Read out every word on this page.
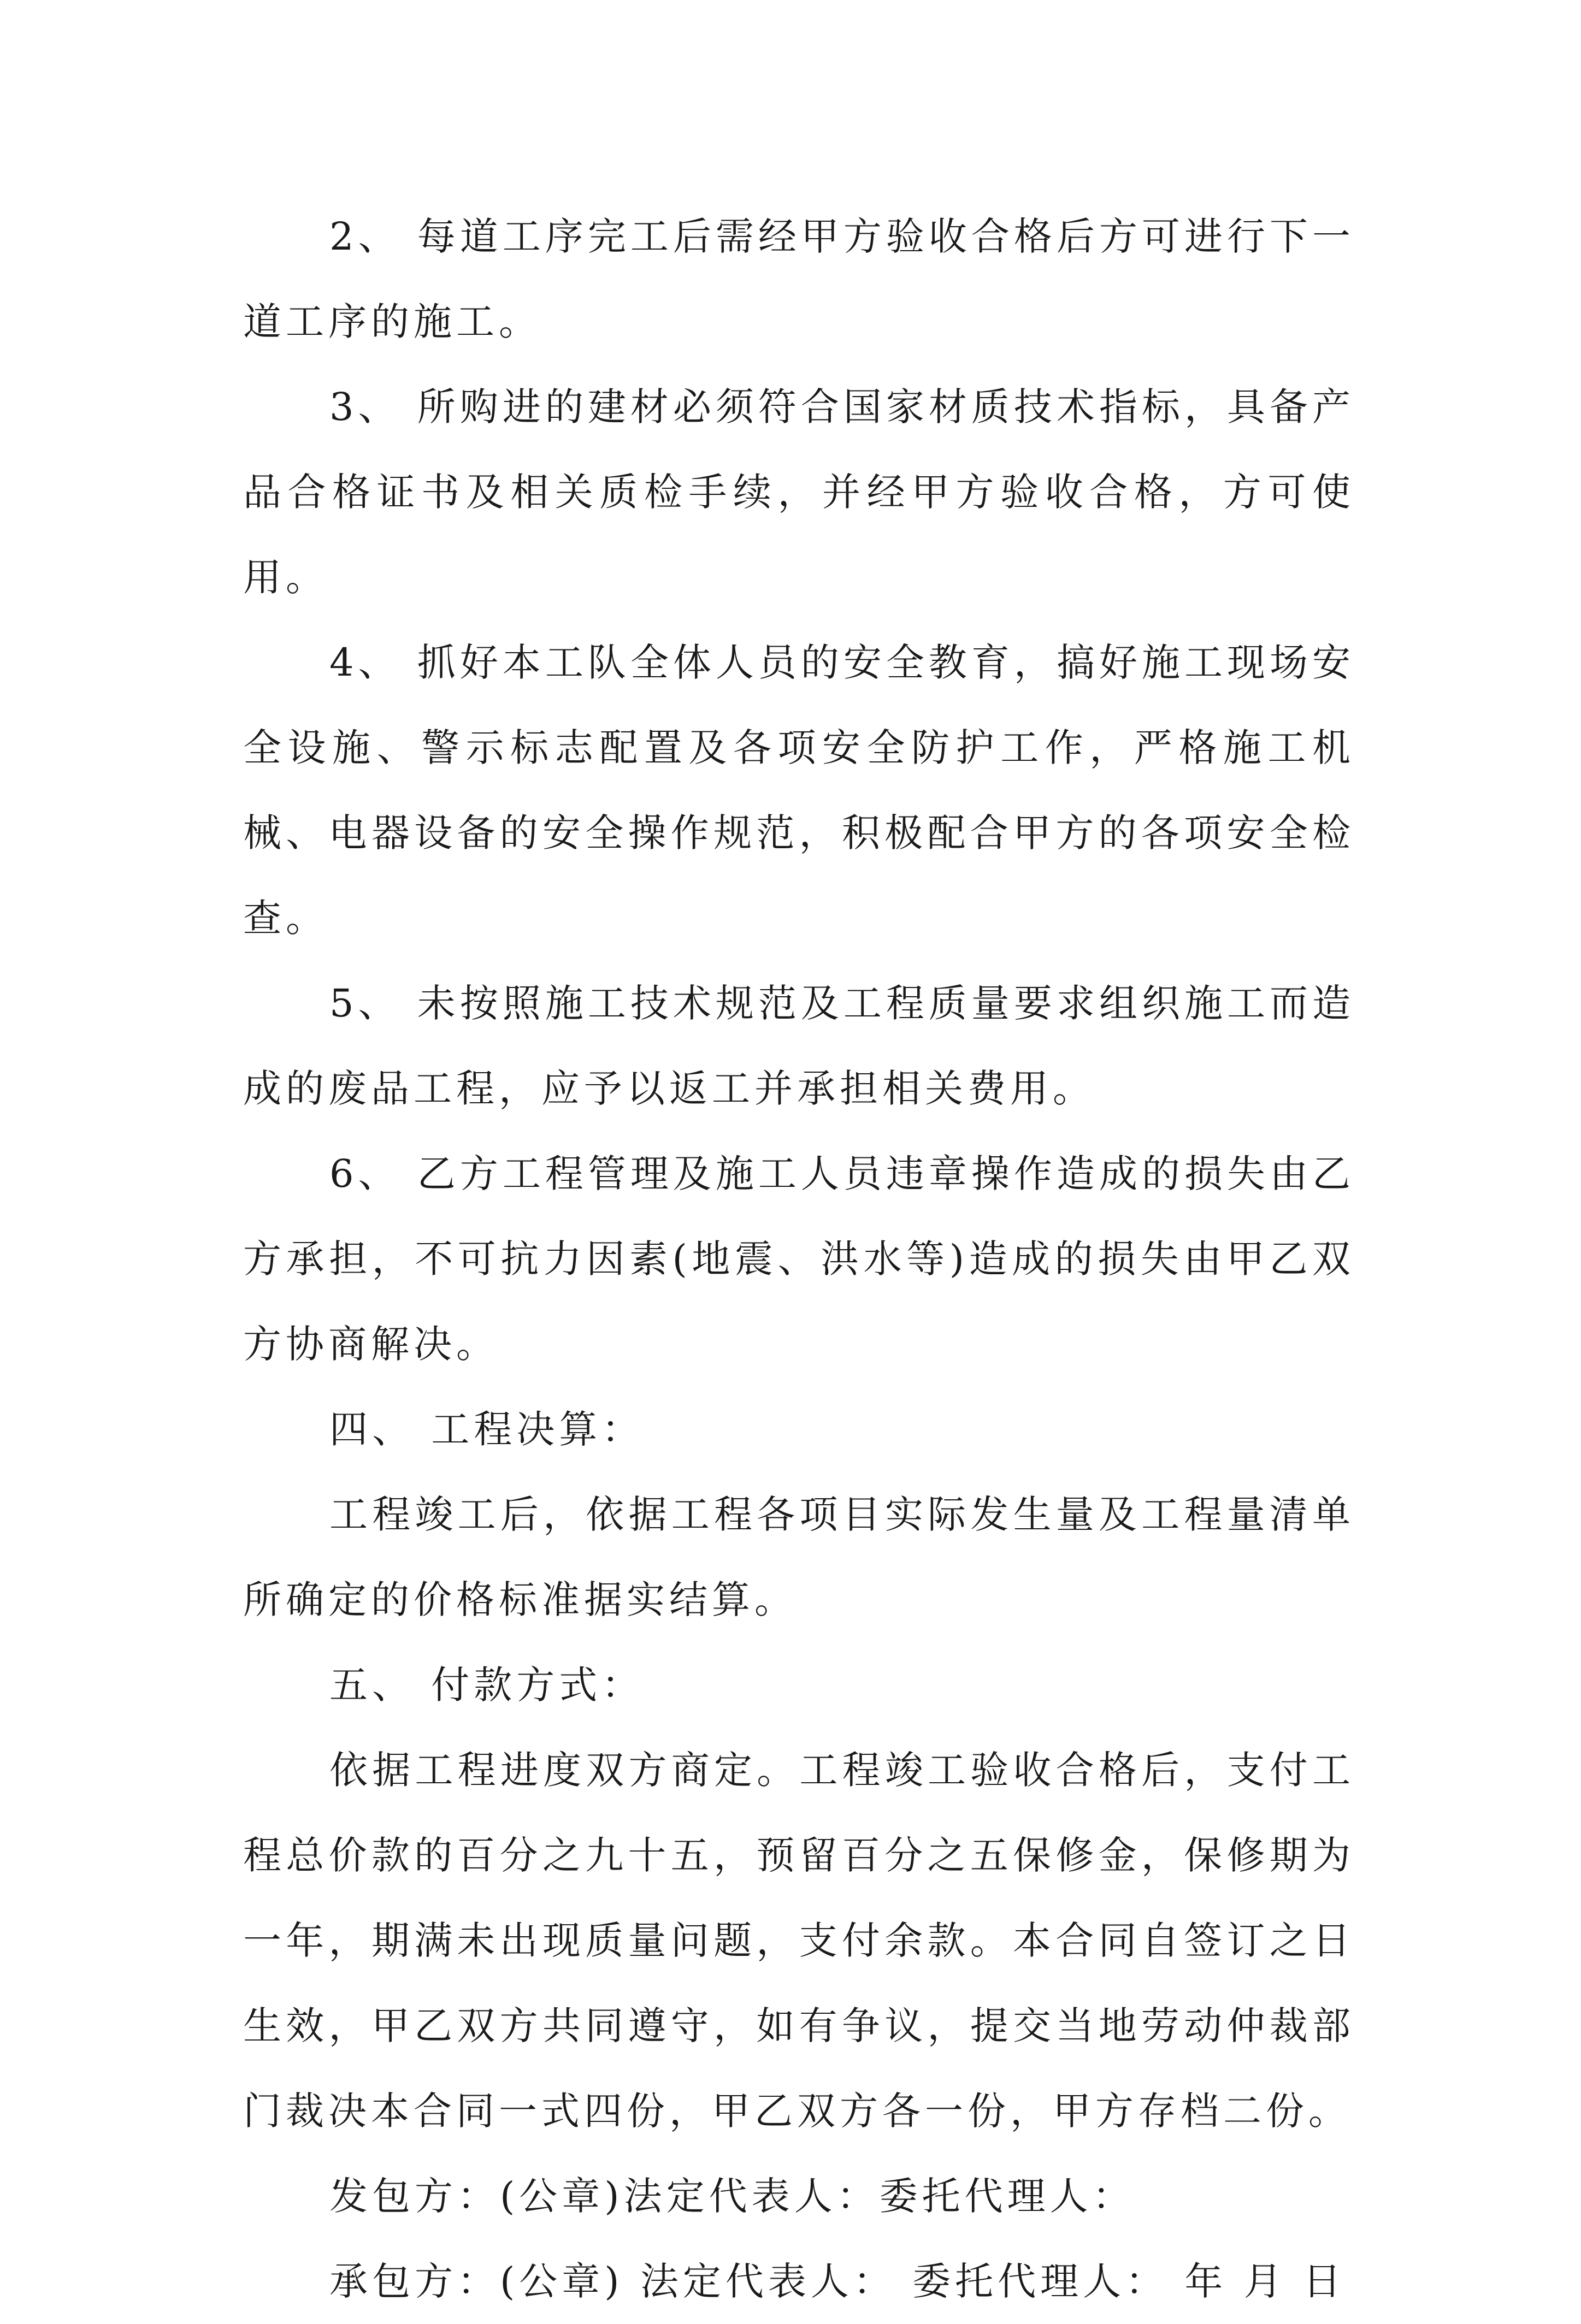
2、 每道工序完工后需经甲方验收合格后方可进行下一道工序的施工。

3、 所购进的建材必须符合国家材质技术指标，具备产品合格证书及相关质检手续，并经甲方验收合格，方可使用。

4、 抓好本工队全体人员的安全教育，搞好施工现场安全设施、警示标志配置及各项安全防护工作，严格施工机械、电器设备的安全操作规范，积极配合甲方的各项安全检查。

5、 未按照施工技术规范及工程质量要求组织施工而造成的废品工程，应予以返工并承担相关费用。

6、 乙方工程管理及施工人员违章操作造成的损失由乙方承担，不可抗力因素(地震、洪水等)造成的损失由甲乙双方协商解决。

四、 工程决算：

工程竣工后，依据工程各项目实际发生量及工程量清单所确定的价格标准据实结算。

五、 付款方式：

依据工程进度双方商定。工程竣工验收合格后，支付工程总价款的百分之九十五，预留百分之五保修金，保修期为一年，期满未出现质量问题，支付余款。本合同自签订之日生效，甲乙双方共同遵守，如有争议，提交当地劳动仲裁部门裁决本合同一式四份，甲乙双方各一份，甲方存档二份。

发包方：(公章)法定代表人：委托代理人：

承包方：(公章) 法定代表人： 委托代理人： 年 月 日
